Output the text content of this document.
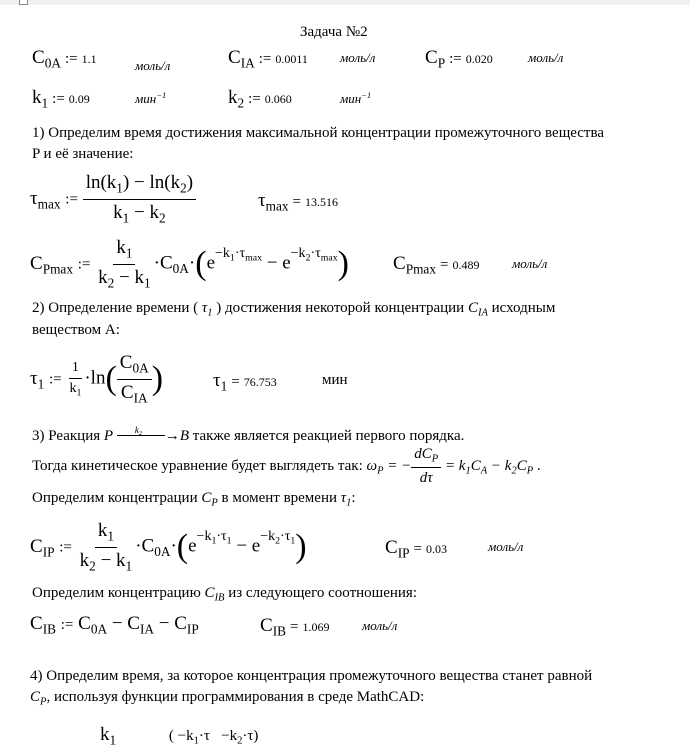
Задача №2
$C_{0A}$ := 1.1	моль/л	$C_{IA}$ := 0.0011 моль/л	$C_P$ := 0.020	моль/л
$k_1$ := 0.09	мин$^{-1}$	$k_2$ := 0.060	мин$^{-1}$
1) Определим время достижения максимальной концентрации промежуточного вещества
P и её значение:
$\tau_{max}$ := $\frac{\ln(k_1) - \ln(k_2)}{k_1 - k_2}$	$\tau_{max} = 13.516$
$C_{Pmax}$ := $\frac{k_1}{k_2 - k_1} \cdot C_{0A}\cdot(e^{-k_1\cdot\tau_{max}} - e^{-k_2\cdot\tau_{max}}) C_{Pmax} = 0.489$	моль/л
2) Определение времени ( $\tau_1$ ) достижения некоторой концентрации $C_{IA}$ исходным
веществом А:
$\tau_1$ := $\frac{1}{k_1} \cdot\ln( \frac{C_{0A}}{C_{IA}}$ )	$\tau_1 = 76.753$	мин
3) Реакция P $k_2 \to B$ также является реакцией первого порядка.
Тогда кинетическое уравнение будет выглядеть так: $\omega_P$ = − $\frac{dC_P}{d\tau} = k_1C_A - k_2C_P$ .
Определим концентрации $C_P$ в момент времени $\tau_1$:
$C_{IP}$ := $\frac{k_1}{k_2 - k_1} \cdot C_{0A}\cdot(e^{-k_1\cdot\tau_1} - e^{-k_2\cdot\tau_1})$	$C_{IP} = 0.03$	моль/л
Определим концентрацию $C_{IB}$ из следующего соотношения:
$C_{IB}$ := $C_{0A} - C_{IA} - C_{IP}$	$C_{IB} = 1.069$	моль/л
4) Определим время, за которое концентрация промежуточного вещества станет равной
$C_P$, используя функции программирования в среде MathCAD:
$k_1$	( $-k_1\cdot\tau -k_2\cdot\tau$)
